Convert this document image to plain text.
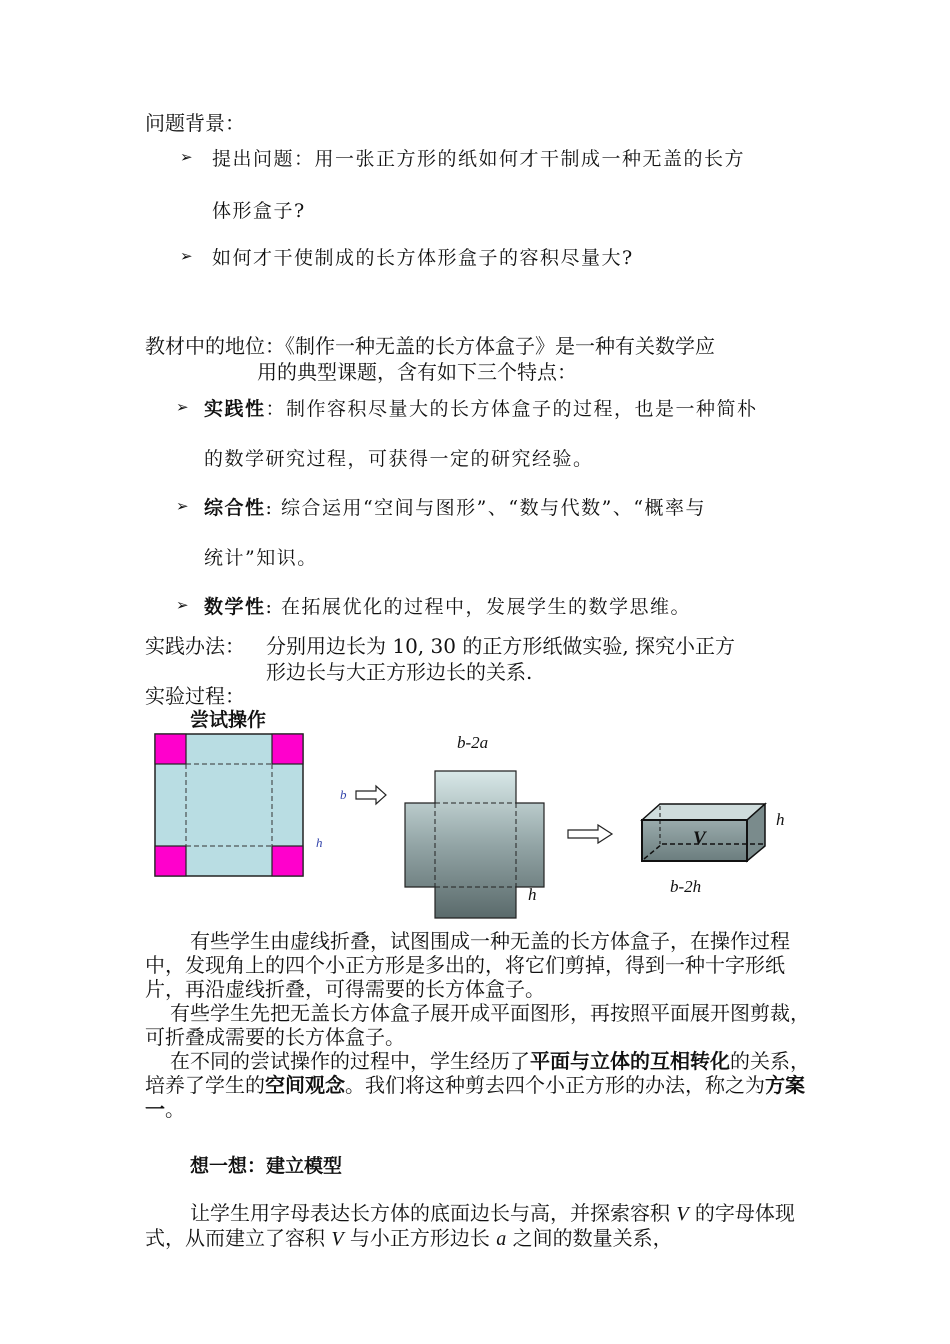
问题背景：
➢ 提出问题：用一张正方形的纸如何才干制成一种无盖的长方
体形盒子?
➢ 如何才干使制成的长方体形盒子的容积尽量大?
教材中的地位：《制作一种无盖的长方体盒子》是一种有关数学应
用的典型课题，含有如下三个特点：
➢ 实践性：制作容积尽量大的长方体盒子的过程，也是一种简朴
的数学研究过程，可获得一定的研究经验。
➢ 综合性: 综合运用“空间与图形”、“数与代数”、“概率与
统计”知识。
➢ 数学性: 在拓展优化的过程中，发展学生的数学思维。
实践办法： 分别用边长为 10, 30 的正方形纸做实验, 探究小正方
形边长与大正方形边长的关系.
实验过程：
尝试操作
b
h
b-2a
h
V
h
b-2h

有些学生由虚线折叠，试图围成一种无盖的长方体盒子，在操作过程中，发现角上的四个小正方形是多出的，将它们剪掉，得到一种十字形纸片，再沿虚线折叠，可得需要的长方体盒子。

有些学生先把无盖长方体盒子展开成平面图形，再按照平面展开图剪裁，可折叠成需要的长方体盒子。

在不同的尝试操作的过程中，学生经历了平面与立体的互相转化的关系，培养了学生的空间观念。我们将这种剪去四个小正方形的办法，称之为方案一。

想一想：建立模型

让学生用字母表达长方体的底面边长与高，并探索容积 V 的字母体现式，从而建立了容积 V 与小正方形边长 a 之间的数量关系，
